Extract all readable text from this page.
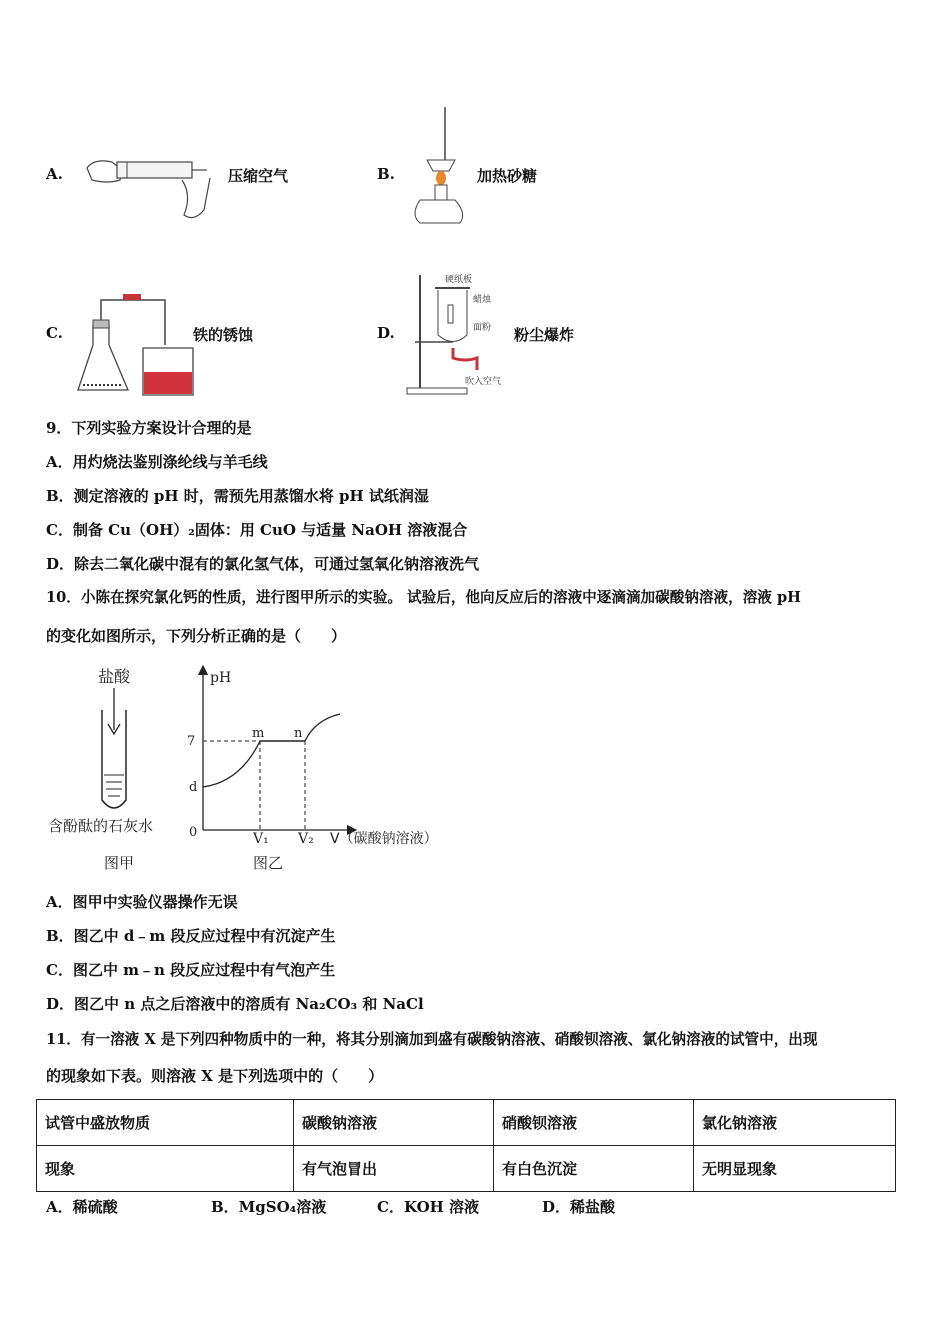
A.	压缩空气	B.	加热砂糖
C.	铁的锈蚀	D.
硬纸板
蜡烛
面粉
吹入空气
粉尘爆炸
9．下列实验方案设计合理的是
A．用灼烧法鉴别涤纶线与羊毛线
B．测定溶液的 pH 时，需预先用蒸馏水将 pH 试纸润湿
C．制备 Cu（OH）₂固体：用 CuO 与适量 NaOH 溶液混合
D．除去二氧化碳中混有的氯化氢气体，可通过氢氧化钠溶液洗气
10．小陈在探究氯化钙的性质，进行图甲所示的实验。 试验后，他向反应后的溶液中逐滴滴加碳酸钠溶液，溶液 pH
的变化如图所示，下列分析正确的是（　　）
盐酸
含酚酞的石灰水
图甲
pH
7
d
0
m n
V₁ V₂ V（碳酸钠溶液）
图乙
A．图甲中实验仪器操作无误
B．图乙中 d﹣m 段反应过程中有沉淀产生
C．图乙中 m﹣n 段反应过程中有气泡产生
D．图乙中 n 点之后溶液中的溶质有 Na₂CO₃ 和 NaCl
11．有一溶液 X 是下列四种物质中的一种，将其分别滴加到盛有碳酸钠溶液、硝酸钡溶液、氯化钠溶液的试管中，出现
的现象如下表。则溶液 X 是下列选项中的（　　）
试管中盛放物质	碳酸钠溶液	硝酸钡溶液	氯化钠溶液
现象	有气泡冒出	有白色沉淀	无明显现象
A．稀硫酸	B．MgSO₄溶液	C．KOH 溶液	D．稀盐酸
